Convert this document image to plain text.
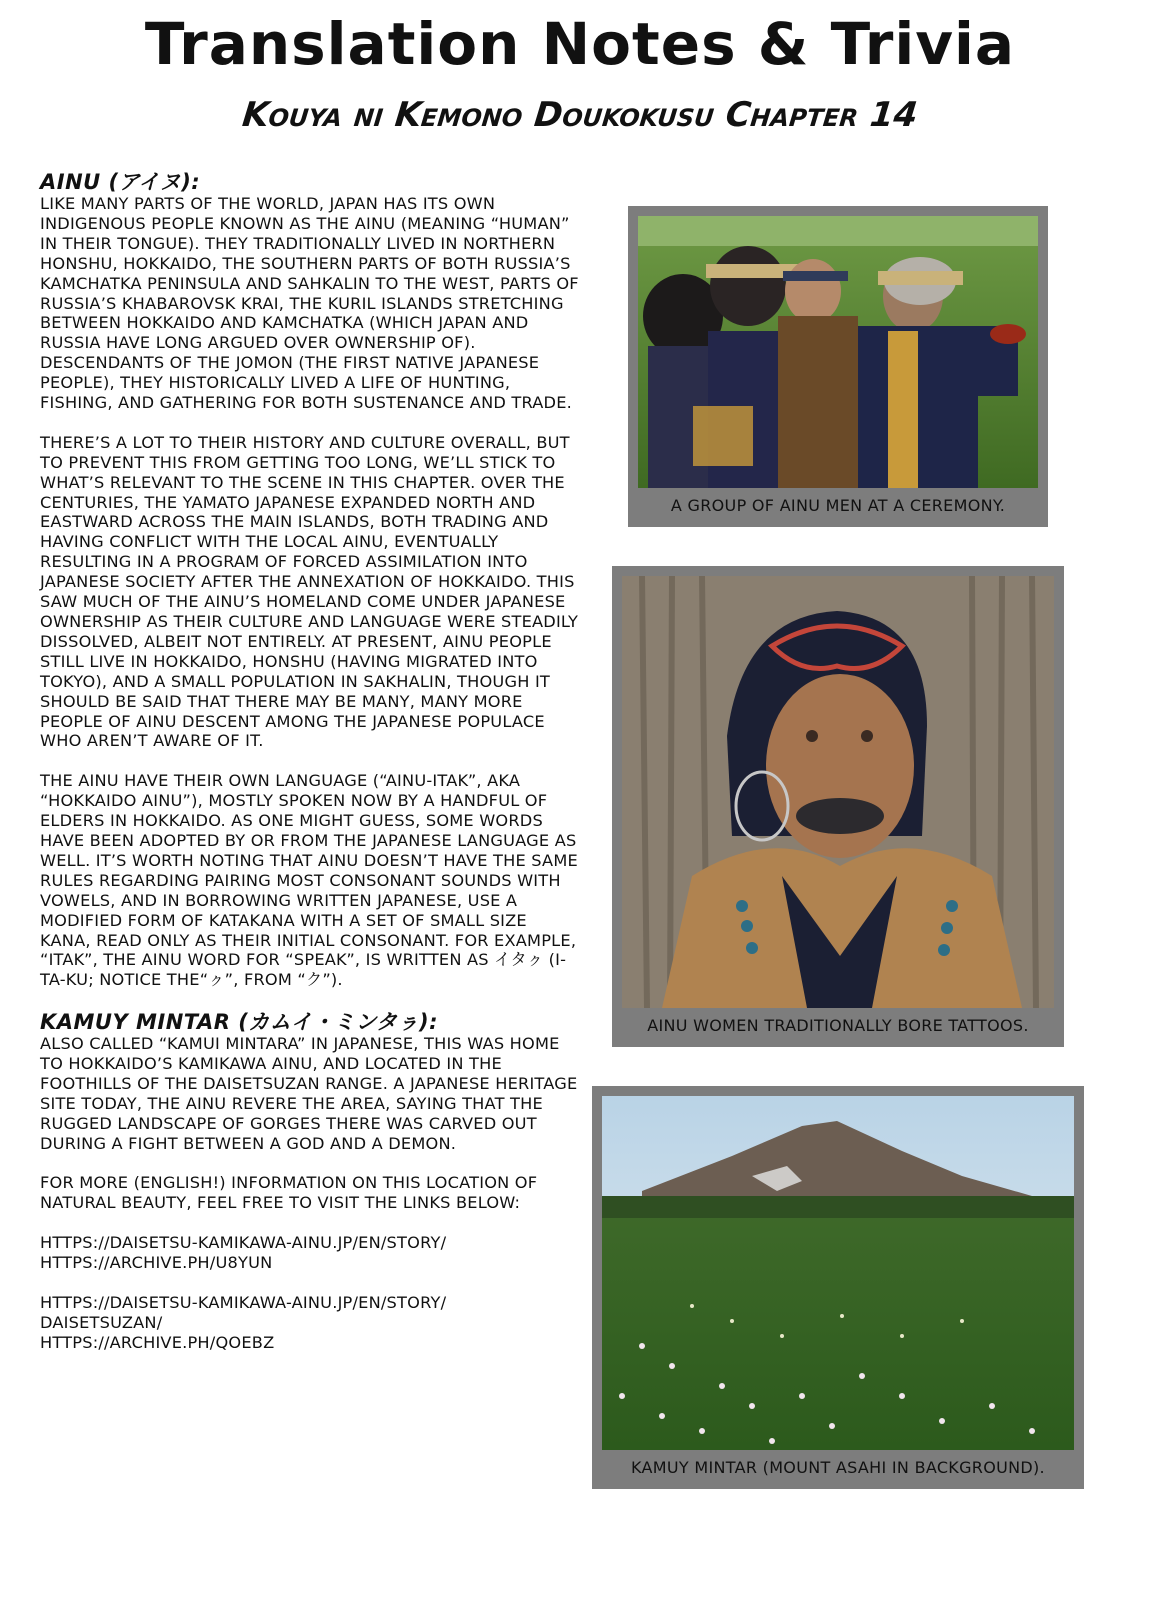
Translation Notes & Trivia
Kouya ni Kemono Doukokusu Chapter 14
AINU (アイヌ):

LIKE MANY PARTS OF THE WORLD, JAPAN HAS ITS OWN INDIGENOUS PEOPLE KNOWN AS THE AINU (MEANING “HUMAN” IN THEIR TONGUE). THEY TRADITIONALLY LIVED IN NORTHERN HONSHU, HOKKAIDO, THE SOUTHERN PARTS OF BOTH RUSSIA’S KAMCHATKA PENINSULA AND SAHKALIN TO THE WEST, PARTS OF RUSSIA’S KHABAROVSK KRAI, THE KURIL ISLANDS STRETCHING BETWEEN HOKKAIDO AND KAMCHATKA (WHICH JAPAN AND RUSSIA HAVE LONG ARGUED OVER OWNERSHIP OF). DESCENDANTS OF THE JOMON (THE FIRST NATIVE JAPANESE PEOPLE), THEY HISTORICALLY LIVED A LIFE OF HUNTING, FISHING, AND GATHERING FOR BOTH SUSTENANCE AND TRADE.

THERE’S A LOT TO THEIR HISTORY AND CULTURE OVERALL, BUT TO PREVENT THIS FROM GETTING TOO LONG, WE’LL STICK TO WHAT’S RELEVANT TO THE SCENE IN THIS CHAPTER. OVER THE CENTURIES, THE YAMATO JAPANESE EXPANDED NORTH AND EASTWARD ACROSS THE MAIN ISLANDS, BOTH TRADING AND HAVING CONFLICT WITH THE LOCAL AINU, EVENTUALLY RESULTING IN A PROGRAM OF FORCED ASSIMILATION INTO JAPANESE SOCIETY AFTER THE ANNEXATION OF HOKKAIDO. THIS SAW MUCH OF THE AINU’S HOMELAND COME UNDER JAPANESE OWNERSHIP AS THEIR CULTURE AND LANGUAGE WERE STEADILY DISSOLVED, ALBEIT NOT ENTIRELY. AT PRESENT, AINU PEOPLE STILL LIVE IN HOKKAIDO, HONSHU (HAVING MIGRATED INTO TOKYO), AND A SMALL POPULATION IN SAKHALIN, THOUGH IT SHOULD BE SAID THAT THERE MAY BE MANY, MANY MORE PEOPLE OF AINU DESCENT AMONG THE JAPANESE POPULACE WHO AREN’T AWARE OF IT.

THE AINU HAVE THEIR OWN LANGUAGE (“AINU-ITAK”, AKA “HOKKAIDO AINU”), MOSTLY SPOKEN NOW BY A HANDFUL OF ELDERS IN HOKKAIDO. AS ONE MIGHT GUESS, SOME WORDS HAVE BEEN ADOPTED BY OR FROM THE JAPANESE LANGUAGE AS WELL. IT’S WORTH NOTING THAT AINU DOESN’T HAVE THE SAME RULES REGARDING PAIRING MOST CONSONANT SOUNDS WITH VOWELS, AND IN BORROWING WRITTEN JAPANESE, USE A MODIFIED FORM OF KATAKANA WITH A SET OF SMALL SIZE KANA, READ ONLY AS THEIR INITIAL CONSONANT. FOR EXAMPLE, “ITAK”, THE AINU WORD FOR “SPEAK”, IS WRITTEN AS イタㇰ (I-TA-KU; NOTICE THE“ㇰ”, FROM “ク”).

KAMUY MINTAR (カムイ・ミンタㇻ):

ALSO CALLED “KAMUI MINTARA” IN JAPANESE, THIS WAS HOME TO HOKKAIDO’S KAMIKAWA AINU, AND LOCATED IN THE FOOTHILLS OF THE DAISETSUZAN RANGE. A JAPANESE HERITAGE SITE TODAY, THE AINU REVERE THE AREA, SAYING THAT THE RUGGED LANDSCAPE OF GORGES THERE WAS CARVED OUT DURING A FIGHT BETWEEN A GOD AND A DEMON.

FOR MORE (ENGLISH!) INFORMATION ON THIS LOCATION OF NATURAL BEAUTY, FEEL FREE TO VISIT THE LINKS BELOW:

HTTPS://DAISETSU-KAMIKAWA-AINU.JP/EN/STORY/
HTTPS://ARCHIVE.PH/U8YUN
HTTPS://DAISETSU-KAMIKAWA-AINU.JP/EN/STORY/
DAISETSUZAN/
HTTPS://ARCHIVE.PH/QOEBZ
A GROUP OF AINU MEN AT A CEREMONY.
AINU WOMEN TRADITIONALLY BORE TATTOOS.
KAMUY MINTAR (MOUNT ASAHI IN BACKGROUND).
